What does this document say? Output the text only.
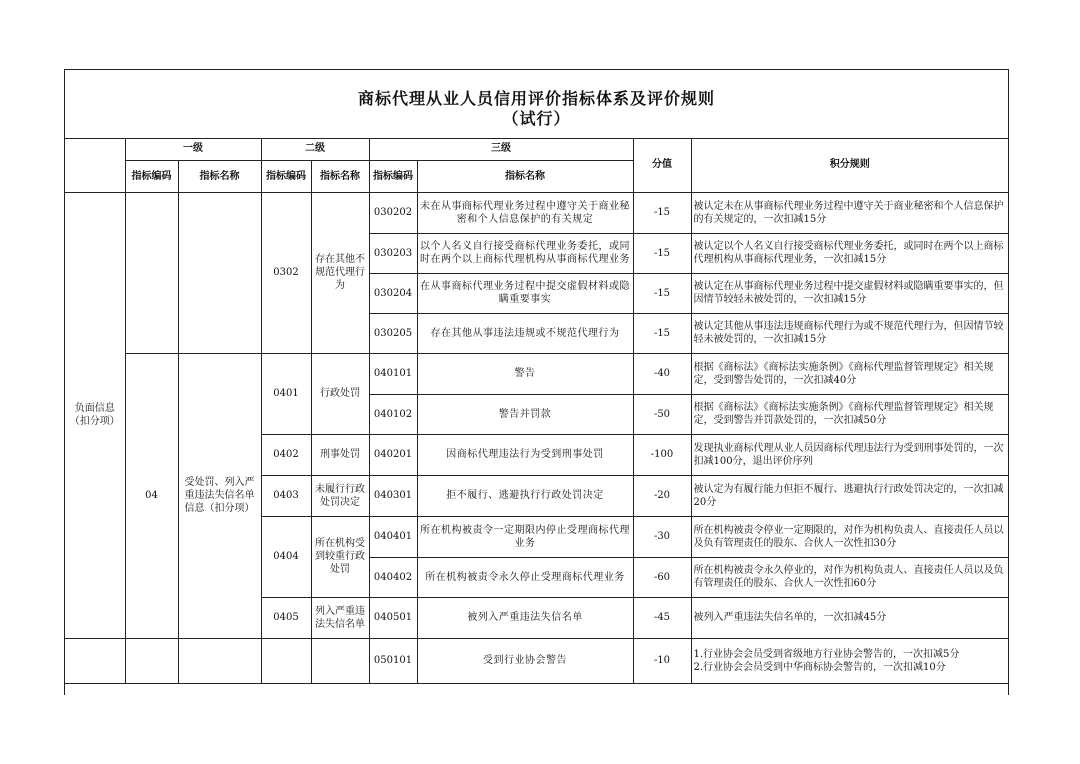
商标代理从业人员信用评价指标体系及评价规则
（试行）
	一级		二级		三级		分值	积分规则
	指标编码	指标名称	指标编码	指标名称	指标编码	指标名称		
负面信息（扣分项）			0302	存在其他不规范代理行为	030202	未在从事商标代理业务过程中遵守关于商业秘密和个人信息保护的有关规定	-15	被认定未在从事商标代理业务过程中遵守关于商业秘密和个人信息保护的有关规定的，一次扣减15分
					030203	以个人名义自行接受商标代理业务委托，或同时在两个以上商标代理机构从事商标代理业务	-15	被认定以个人名义自行接受商标代理业务委托，或同时在两个以上商标代理机构从事商标代理业务，一次扣减15分
					030204	在从事商标代理业务过程中提交虚假材料或隐瞒重要事实	-15	被认定在从事商标代理业务过程中提交虚假材料或隐瞒重要事实的，但因情节较轻未被处罚的，一次扣减15分
					030205	存在其他从事违法违规或不规范代理行为	-15	被认定其他从事违法违规商标代理行为或不规范代理行为，但因情节较轻未被处罚的，一次扣减15分
	04	受处罚、列入严重违法失信名单信息（扣分项）	0401	行政处罚	040101	警告	-40	根据《商标法》《商标法实施条例》《商标代理监督管理规定》相关规定，受到警告处罚的，一次扣减40分
					040102	警告并罚款	-50	根据《商标法》《商标法实施条例》《商标代理监督管理规定》相关规定，受到警告并罚款处罚的，一次扣减50分
			0402	刑事处罚	040201	因商标代理违法行为受到刑事处罚	-100	发现执业商标代理从业人员因商标代理违法行为受到刑事处罚的，一次扣减100分，退出评价序列
			0403	未履行行政处罚决定	040301	拒不履行、逃避执行行政处罚决定	-20	被认定为有履行能力但拒不履行、逃避执行行政处罚决定的，一次扣减20分
			0404	所在机构受到较重行政处罚	040401	所在机构被责令一定期限内停止受理商标代理业务	-30	所在机构被责令停业一定期限的，对作为机构负责人、直接责任人员以及负有管理责任的股东、合伙人一次性扣30分
					040402	所在机构被责令永久停止受理商标代理业务	-60	所在机构被责令永久停业的，对作为机构负责人、直接责任人员以及负有管理责任的股东、合伙人一次性扣60分
			0405	列入严重违法失信名单	040501	被列入严重违法失信名单	-45	被列入严重违法失信名单的，一次扣减45分
					050101	受到行业协会警告	-10	1.行业协会会员受到省级地方行业协会警告的，一次扣减5分
2.行业协会会员受到中华商标协会警告的，一次扣减10分
